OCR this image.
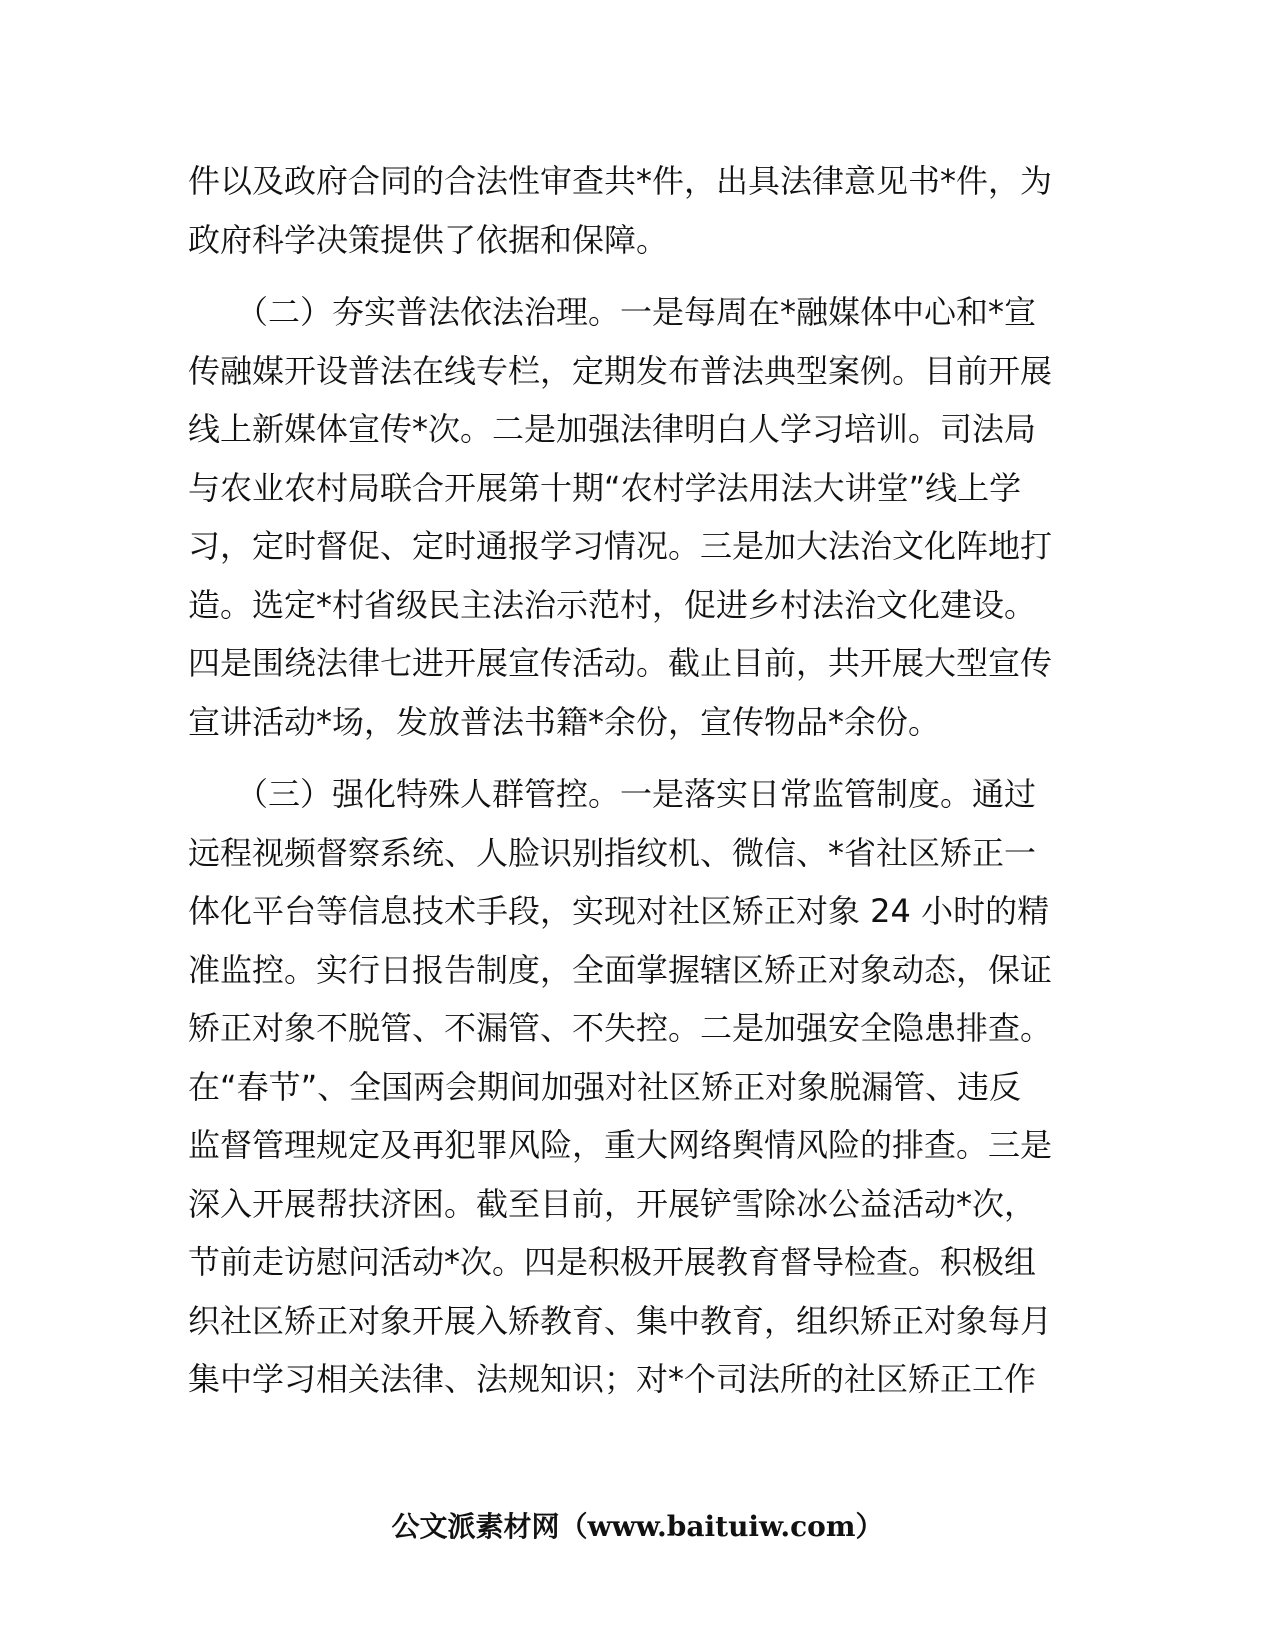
件以及政府合同的合法性审查共*件，出具法律意见书*件，为
政府科学决策提供了依据和保障。
　　（二）夯实普法依法治理。一是每周在*融媒体中心和*宣
传融媒开设普法在线专栏，定期发布普法典型案例。目前开展
线上新媒体宣传*次。二是加强法律明白人学习培训。司法局
与农业农村局联合开展第十期“农村学法用法大讲堂”线上学
习，定时督促、定时通报学习情况。三是加大法治文化阵地打
造。选定*村省级民主法治示范村，促进乡村法治文化建设。
四是围绕法律七进开展宣传活动。截止目前，共开展大型宣传
宣讲活动*场，发放普法书籍*余份，宣传物品*余份。
　　（三）强化特殊人群管控。一是落实日常监管制度。通过
远程视频督察系统、人脸识别指纹机、微信、*省社区矫正一
体化平台等信息技术手段，实现对社区矫正对象 24 小时的精
准监控。实行日报告制度，全面掌握辖区矫正对象动态，保证
矫正对象不脱管、不漏管、不失控。二是加强安全隐患排查。
在“春节”、全国两会期间加强对社区矫正对象脱漏管、违反
监督管理规定及再犯罪风险，重大网络舆情风险的排查。三是
深入开展帮扶济困。截至目前，开展铲雪除冰公益活动*次，
节前走访慰问活动*次。四是积极开展教育督导检查。积极组
织社区矫正对象开展入矫教育、集中教育，组织矫正对象每月
集中学习相关法律、法规知识；对*个司法所的社区矫正工作
公文派素材网（www.baituiw.com）
